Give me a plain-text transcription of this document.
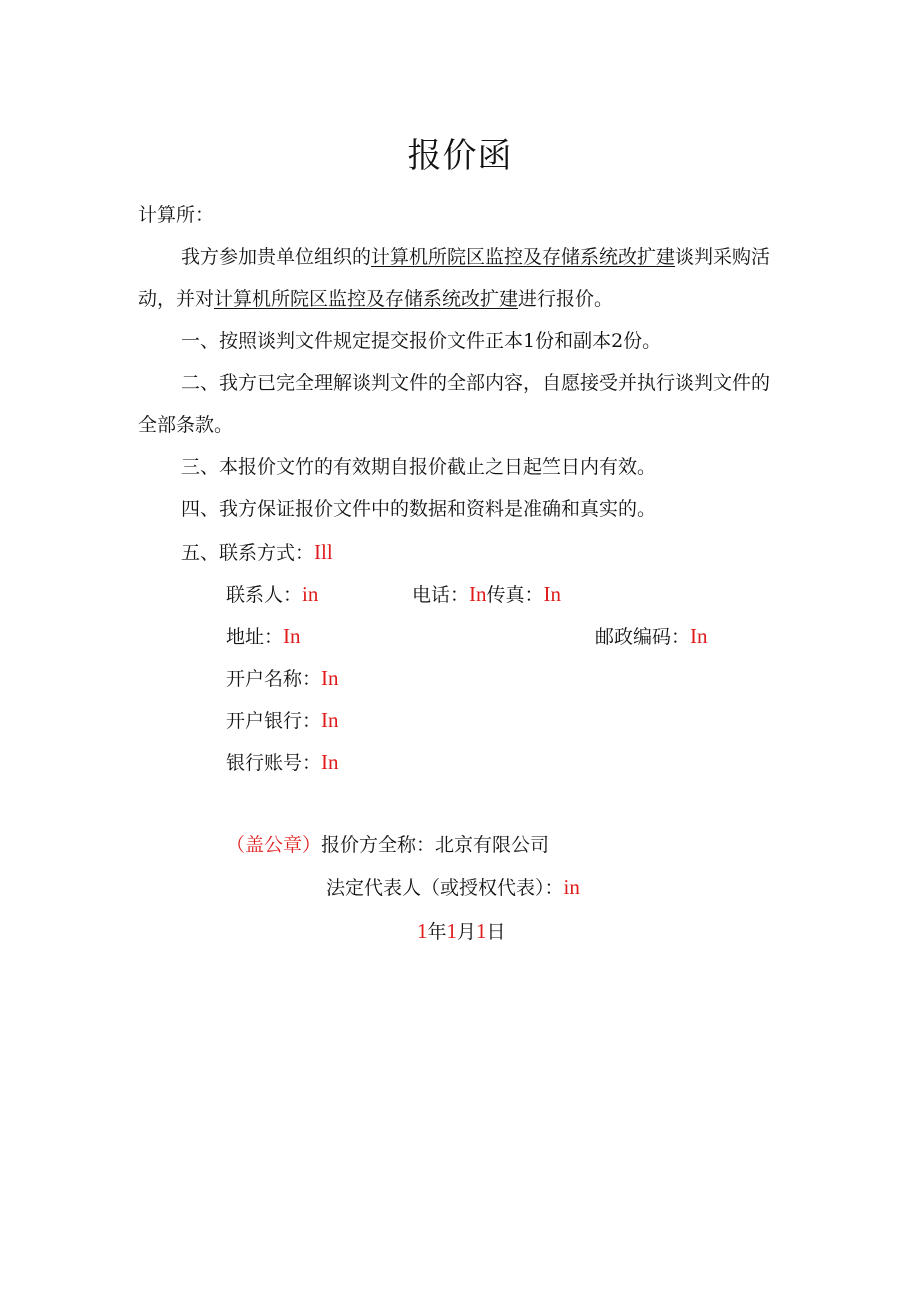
报价函
计算所：
我方参加贵单位组织的计算机所院区监控及存储系统改扩建谈判采购活
动，并对计算机所院区监控及存储系统改扩建进行报价。
一、按照谈判文件规定提交报价文件正本1份和副本2份。
二、我方已完全理解谈判文件的全部内容，自愿接受并执行谈判文件的
全部条款。
三、本报价文竹的有效期自报价截止之日起竺日内有效。
四、我方保证报价文件中的数据和资料是准确和真实的。
五、联系方式：Ill
联系人：in	电话：In传真：In
地址：In	邮政编码：In
开户名称：In
开户银行：In
银行账号：In
（盖公章）报价方全称：北京有限公司
法定代表人（或授权代表）：in
1年1月1日
